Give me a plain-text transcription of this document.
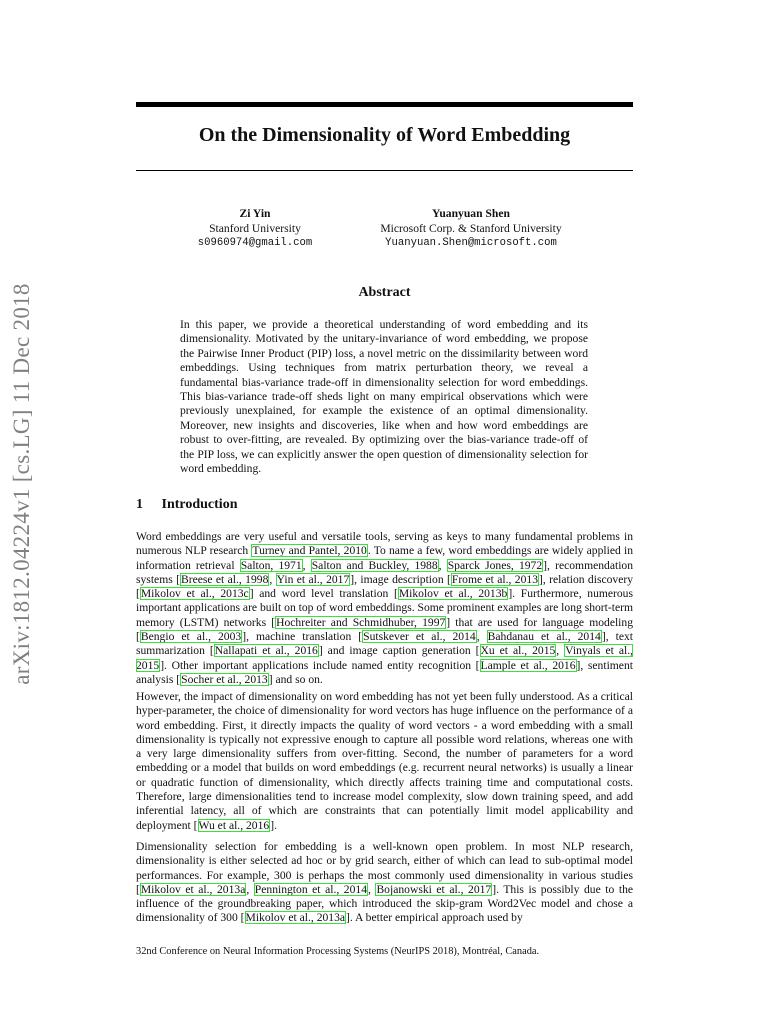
arXiv:1812.04224v1 [cs.LG] 11 Dec 2018
On the Dimensionality of Word Embedding
Zi Yin
Stanford University
s0960974@gmail.com
Yuanyuan Shen
Microsoft Corp. & Stanford University
Yuanyuan.Shen@microsoft.com
Abstract
In this paper, we provide a theoretical understanding of word embedding and its dimensionality. Motivated by the unitary-invariance of word embedding, we propose the Pairwise Inner Product (PIP) loss, a novel metric on the dissimilarity between word embeddings. Using techniques from matrix perturbation theory, we reveal a fundamental bias-variance trade-off in dimensionality selection for word embeddings. This bias-variance trade-off sheds light on many empirical observations which were previously unexplained, for example the existence of an optimal dimensionality. Moreover, new insights and discoveries, like when and how word embeddings are robust to over-fitting, are revealed. By optimizing over the bias-variance trade-off of the PIP loss, we can explicitly answer the open question of dimensionality selection for word embedding.
1 Introduction
Word embeddings are very useful and versatile tools, serving as keys to many fundamental problems in numerous NLP research Turney and Pantel, 2010. To name a few, word embeddings are widely applied in information retrieval Salton, 1971, Salton and Buckley, 1988, Sparck Jones, 1972], recommendation systems [Breese et al., 1998, Yin et al., 2017], image description [Frome et al., 2013], relation discovery [Mikolov et al., 2013c] and word level translation [Mikolov et al., 2013b]. Furthermore, numerous important applications are built on top of word embeddings. Some prominent examples are long short-term memory (LSTM) networks [Hochreiter and Schmidhuber, 1997] that are used for language modeling [Bengio et al., 2003], machine translation [Sutskever et al., 2014, Bahdanau et al., 2014], text summarization [Nallapati et al., 2016] and image caption generation [Xu et al., 2015, Vinyals et al., 2015]. Other important applications include named entity recognition [Lample et al., 2016], sentiment analysis [Socher et al., 2013] and so on.
However, the impact of dimensionality on word embedding has not yet been fully understood. As a critical hyper-parameter, the choice of dimensionality for word vectors has huge influence on the performance of a word embedding. First, it directly impacts the quality of word vectors - a word embedding with a small dimensionality is typically not expressive enough to capture all possible word relations, whereas one with a very large dimensionality suffers from over-fitting. Second, the number of parameters for a word embedding or a model that builds on word embeddings (e.g. recurrent neural networks) is usually a linear or quadratic function of dimensionality, which directly affects training time and computational costs. Therefore, large dimensionalities tend to increase model complexity, slow down training speed, and add inferential latency, all of which are constraints that can potentially limit model applicability and deployment [Wu et al., 2016].
Dimensionality selection for embedding is a well-known open problem. In most NLP research, dimensionality is either selected ad hoc or by grid search, either of which can lead to sub-optimal model performances. For example, 300 is perhaps the most commonly used dimensionality in various studies [Mikolov et al., 2013a, Pennington et al., 2014, Bojanowski et al., 2017]. This is possibly due to the influence of the groundbreaking paper, which introduced the skip-gram Word2Vec model and chose a dimensionality of 300 [Mikolov et al., 2013a]. A better empirical approach used by
32nd Conference on Neural Information Processing Systems (NeurIPS 2018), Montréal, Canada.
